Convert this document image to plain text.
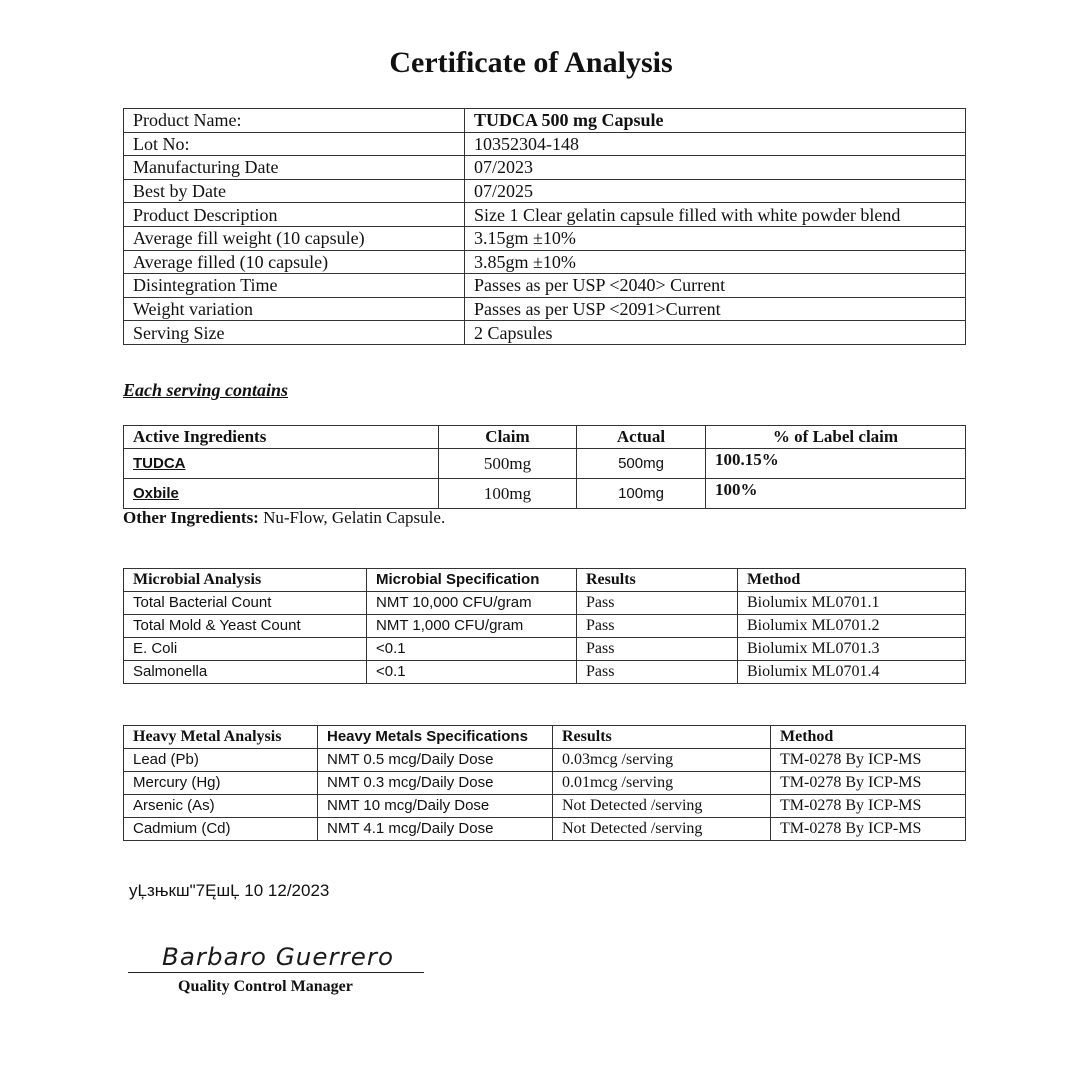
Certificate of Analysis
Product Name:	TUDCA 500 mg Capsule
Lot No:	10352304-148
Manufacturing Date	07/2023
Best by Date	07/2025
Product Description	Size 1 Clear gelatin capsule filled with white powder blend
Average fill weight (10 capsule)	3.15gm ±10%
Average filled (10 capsule)	3.85gm ±10%
Disintegration Time	Passes as per USP <2040> Current
Weight variation	Passes as per USP <2091>Current
Serving Size	2 Capsules

Each serving contains

Active Ingredients	Claim	Actual	% of Label claim
TUDCA	500mg	500mg	100.15%
Oxbile	100mg	100mg	100%

Other Ingredients: Nu-Flow, Gelatin Capsule.

Microbial Analysis	Microbial Specification	Results	Method
Total Bacterial Count	NMT 10,000 CFU/gram	Pass	Biolumix ML0701.1
Total Mold & Yeast Count	NMT 1,000 CFU/gram	Pass	Biolumix ML0701.2
E. Coli	<0.1	Pass	Biolumix ML0701.3
Salmonella	<0.1	Pass	Biolumix ML0701.4
Heavy Metal Analysis	Heavy Metals Specifications	Results	Method
Lead (Pb)	NMT 0.5 mcg/Daily Dose	0.03mcg /serving	TM-0278 By ICP-MS
Mercury (Hg)	NMT 0.3 mcg/Daily Dose	0.01mcg /serving	TM-0278 By ICP-MS
Arsenic (As)	NMT 10 mcg/Daily Dose	Not Detected /serving	TM-0278 By ICP-MS
Cadmium (Cd)	NMT 4.1 mcg/Daily Dose	Not Detected /serving	TM-0278 By ICP-MS

yĻзњкш"7ĘшĻ 10 12/2023

Barbaro Guerrero

Quality Control Manager
